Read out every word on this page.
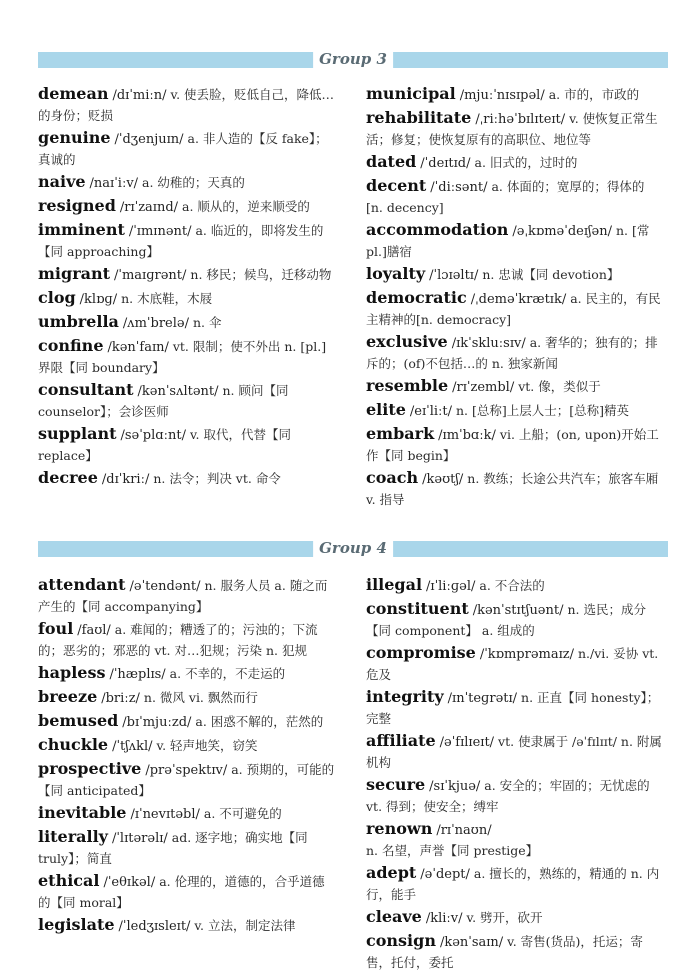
Group 3
demean /dɪˈmiːn/ v. 使丢脸，贬低自己，降低…的身份；贬损
genuine /ˈdʒenjuɪn/ a. 非人造的【反 fake】；真诚的
naive /naɪˈiːv/ a. 幼稚的；天真的
resigned /rɪˈzaɪnd/ a. 顺从的，逆来顺受的
imminent /ˈɪmɪnənt/ a. 临近的，即将发生的【同 approaching】
migrant /ˈmaɪɡrənt/ n. 移民；候鸟，迁移动物
clog /klɒɡ/ n. 木底鞋，木屐
umbrella /ʌmˈbrelə/ n. 伞
confine /kənˈfaɪn/ vt. 限制；使不外出 n. [pl.]界限【同 boundary】
consultant /kənˈsʌltənt/ n. 顾问【同 counselor】；会诊医师
supplant /səˈplɑːnt/ v. 取代，代替【同 replace】
decree /dɪˈkriː/ n. 法令；判决 vt. 命令
municipal /mjuːˈnɪsɪpəl/ a. 市的，市政的
rehabilitate /ˌriːhəˈbɪlɪteɪt/ v. 使恢复正常生活；修复；使恢复原有的高职位、地位等
dated /ˈdeɪtɪd/ a. 旧式的，过时的
decent /ˈdiːsənt/ a. 体面的；宽厚的；得体的 [n. decency]
accommodation /əˌkɒməˈdeɪʃən/ n. [常 pl.]膳宿
loyalty /ˈlɔɪəltɪ/ n. 忠诚【同 devotion】
democratic /ˌdeməˈkrætɪk/ a. 民主的，有民主精神的[n. democracy]
exclusive /ɪkˈskluːsɪv/ a. 奢华的；独有的；排斥的；(of)不包括…的 n. 独家新闻
resemble /rɪˈzembl/ vt. 像，类似于
elite /eɪˈliːt/ n. [总称]上层人士；[总称]精英
embark /ɪmˈbɑːk/ vi. 上船；(on, upon)开始工作【同 begin】
coach /kəʊtʃ/ n. 教练；长途公共汽车；旅客车厢 v. 指导
Group 4
attendant /əˈtendənt/ n. 服务人员 a. 随之而产生的【同 accompanying】
foul /faʊl/ a. 难闻的；糟透了的；污浊的；下流的；恶劣的；邪恶的 vt. 对…犯规；污染 n. 犯规
hapless /ˈhæplɪs/ a. 不幸的，不走运的
breeze /briːz/ n. 微风 vi. 飘然而行
bemused /bɪˈmjuːzd/ a. 困惑不解的，茫然的
chuckle /ˈtʃʌkl/ v. 轻声地笑，窃笑
prospective /prəˈspektɪv/ a. 预期的，可能的【同 anticipated】
inevitable /ɪˈnevɪtəbl/ a. 不可避免的
literally /ˈlɪtərəlɪ/ ad. 逐字地；确实地【同 truly】；简直
ethical /ˈeθɪkəl/ a. 伦理的，道德的，合乎道德的【同 moral】
legislate /ˈledʒɪsleɪt/ v. 立法，制定法律
illegal /ɪˈliːɡəl/ a. 不合法的
constituent /kənˈstɪtʃuənt/ n. 选民；成分【同 component】 a. 组成的
compromise /ˈkɒmprəmaɪz/ n./vi. 妥协 vt. 危及
integrity /ɪnˈteɡrətɪ/ n. 正直【同 honesty】；完整
affiliate /əˈfɪlɪeɪt/ vt. 使隶属于 /əˈfɪlɪɪt/ n. 附属机构
secure /sɪˈkjuə/ a. 安全的；牢固的；无忧虑的 vt. 得到；使安全；缚牢
renown /rɪˈnaʊn/ n. 名望，声誉【同 prestige】
adept /əˈdept/ a. 擅长的，熟练的，精通的 n. 内行，能手
cleave /kliːv/ v. 劈开，砍开
consign /kənˈsaɪn/ v. 寄售(货品)，托运；寄售，托付，委托
